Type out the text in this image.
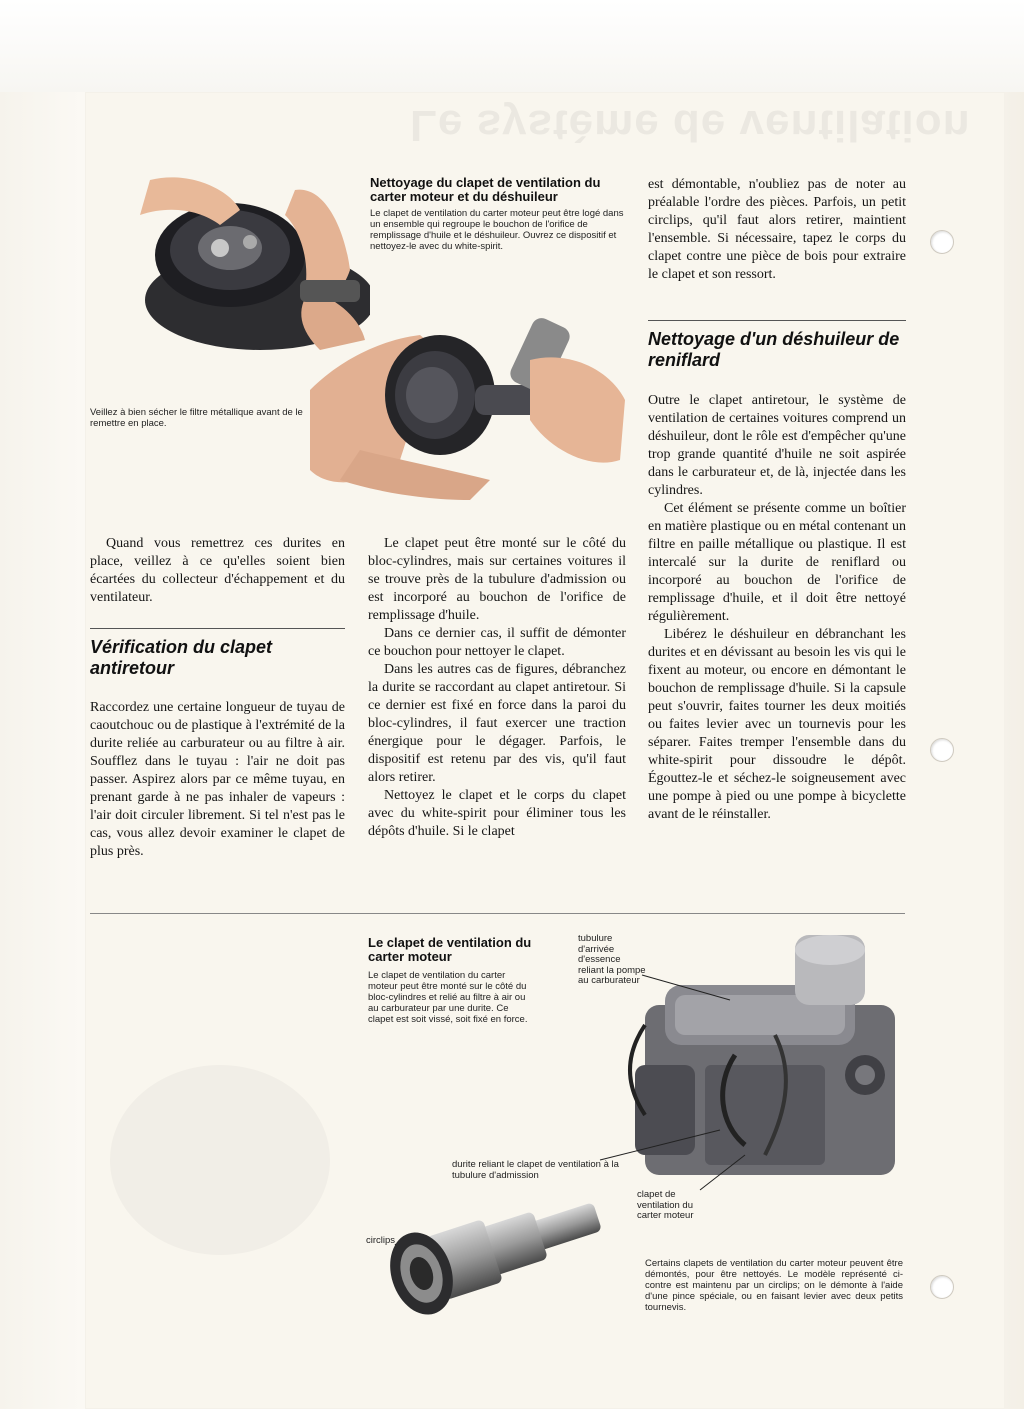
Le système de ventilation
Nettoyage du clapet de ventilation du carter moteur et du déshuileur
Le clapet de ventilation du carter moteur peut être logé dans un ensemble qui regroupe le bouchon de l'orifice de remplissage d'huile et le déshuileur. Ouvrez ce dispositif et nettoyez-le avec du white-spirit.
Veillez à bien sécher le filtre métallique avant de le remettre en place.

est démontable, n'oubliez pas de noter au préalable l'ordre des pièces. Parfois, un petit circlips, qu'il faut alors retirer, maintient l'ensemble. Si nécessaire, tapez le corps du clapet contre une pièce de bois pour extraire le clapet et son ressort.

Nettoyage d'un déshuileur de reniflard

Outre le clapet antiretour, le système de ventilation de certaines voitures comprend un déshuileur, dont le rôle est d'empêcher qu'une trop grande quantité d'huile ne soit aspirée dans le carburateur et, de là, injectée dans les cylindres.

Cet élément se présente comme un boîtier en matière plastique ou en métal contenant un filtre en paille métallique ou plastique. Il est intercalé sur la durite de reniflard ou incorporé au bouchon de l'orifice de remplissage d'huile, et il doit être nettoyé régulièrement.

Libérez le déshuileur en débranchant les durites et en dévissant au besoin les vis qui le fixent au moteur, ou encore en démontant le bouchon de remplissage d'huile. Si la capsule peut s'ouvrir, faites tourner les deux moitiés ou faites levier avec un tournevis pour les séparer. Faites tremper l'ensemble dans du white-spirit pour dissoudre le dépôt. Égouttez-le et séchez-le soigneusement avec une pompe à pied ou une pompe à bicyclette avant de le réinstaller.

Quand vous remettrez ces durites en place, veillez à ce qu'elles soient bien écartées du collecteur d'échappement et du ventilateur.

Vérification du clapet antiretour

Raccordez une certaine longueur de tuyau de caoutchouc ou de plastique à l'extrémité de la durite reliée au carburateur ou au filtre à air. Soufflez dans le tuyau : l'air ne doit pas passer. Aspirez alors par ce même tuyau, en prenant garde à ne pas inhaler de vapeurs : l'air doit circuler librement. Si tel n'est pas le cas, vous allez devoir examiner le clapet de plus près.

Le clapet peut être monté sur le côté du bloc-cylindres, mais sur certaines voitures il se trouve près de la tubulure d'admission ou est incorporé au bouchon de l'orifice de remplissage d'huile.

Dans ce dernier cas, il suffit de démonter ce bouchon pour nettoyer le clapet.

Dans les autres cas de figures, débranchez la durite se raccordant au clapet antiretour. Si ce dernier est fixé en force dans la paroi du bloc-cylindres, il faut exercer une traction énergique pour le dégager. Parfois, le dispositif est retenu par des vis, qu'il faut alors retirer.

Nettoyez le clapet et le corps du clapet avec du white-spirit pour éliminer tous les dépôts d'huile. Si le clapet

Le clapet de ventilation du carter moteur
Le clapet de ventilation du carter moteur peut être monté sur le côté du bloc-cylindres et relié au filtre à air ou au carburateur par une durite. Ce clapet est soit vissé, soit fixé en force.
tubulure d'arrivée d'essence reliant la pompe au carburateur
durite reliant le clapet de ventilation à la tubulure d'admission
clapet de ventilation du carter moteur
circlips
Certains clapets de ventilation du carter moteur peuvent être démontés, pour être nettoyés. Le modèle représenté ci-contre est maintenu par un circlips; on le démonte à l'aide d'une pince spéciale, ou en faisant levier avec deux petits tournevis.
